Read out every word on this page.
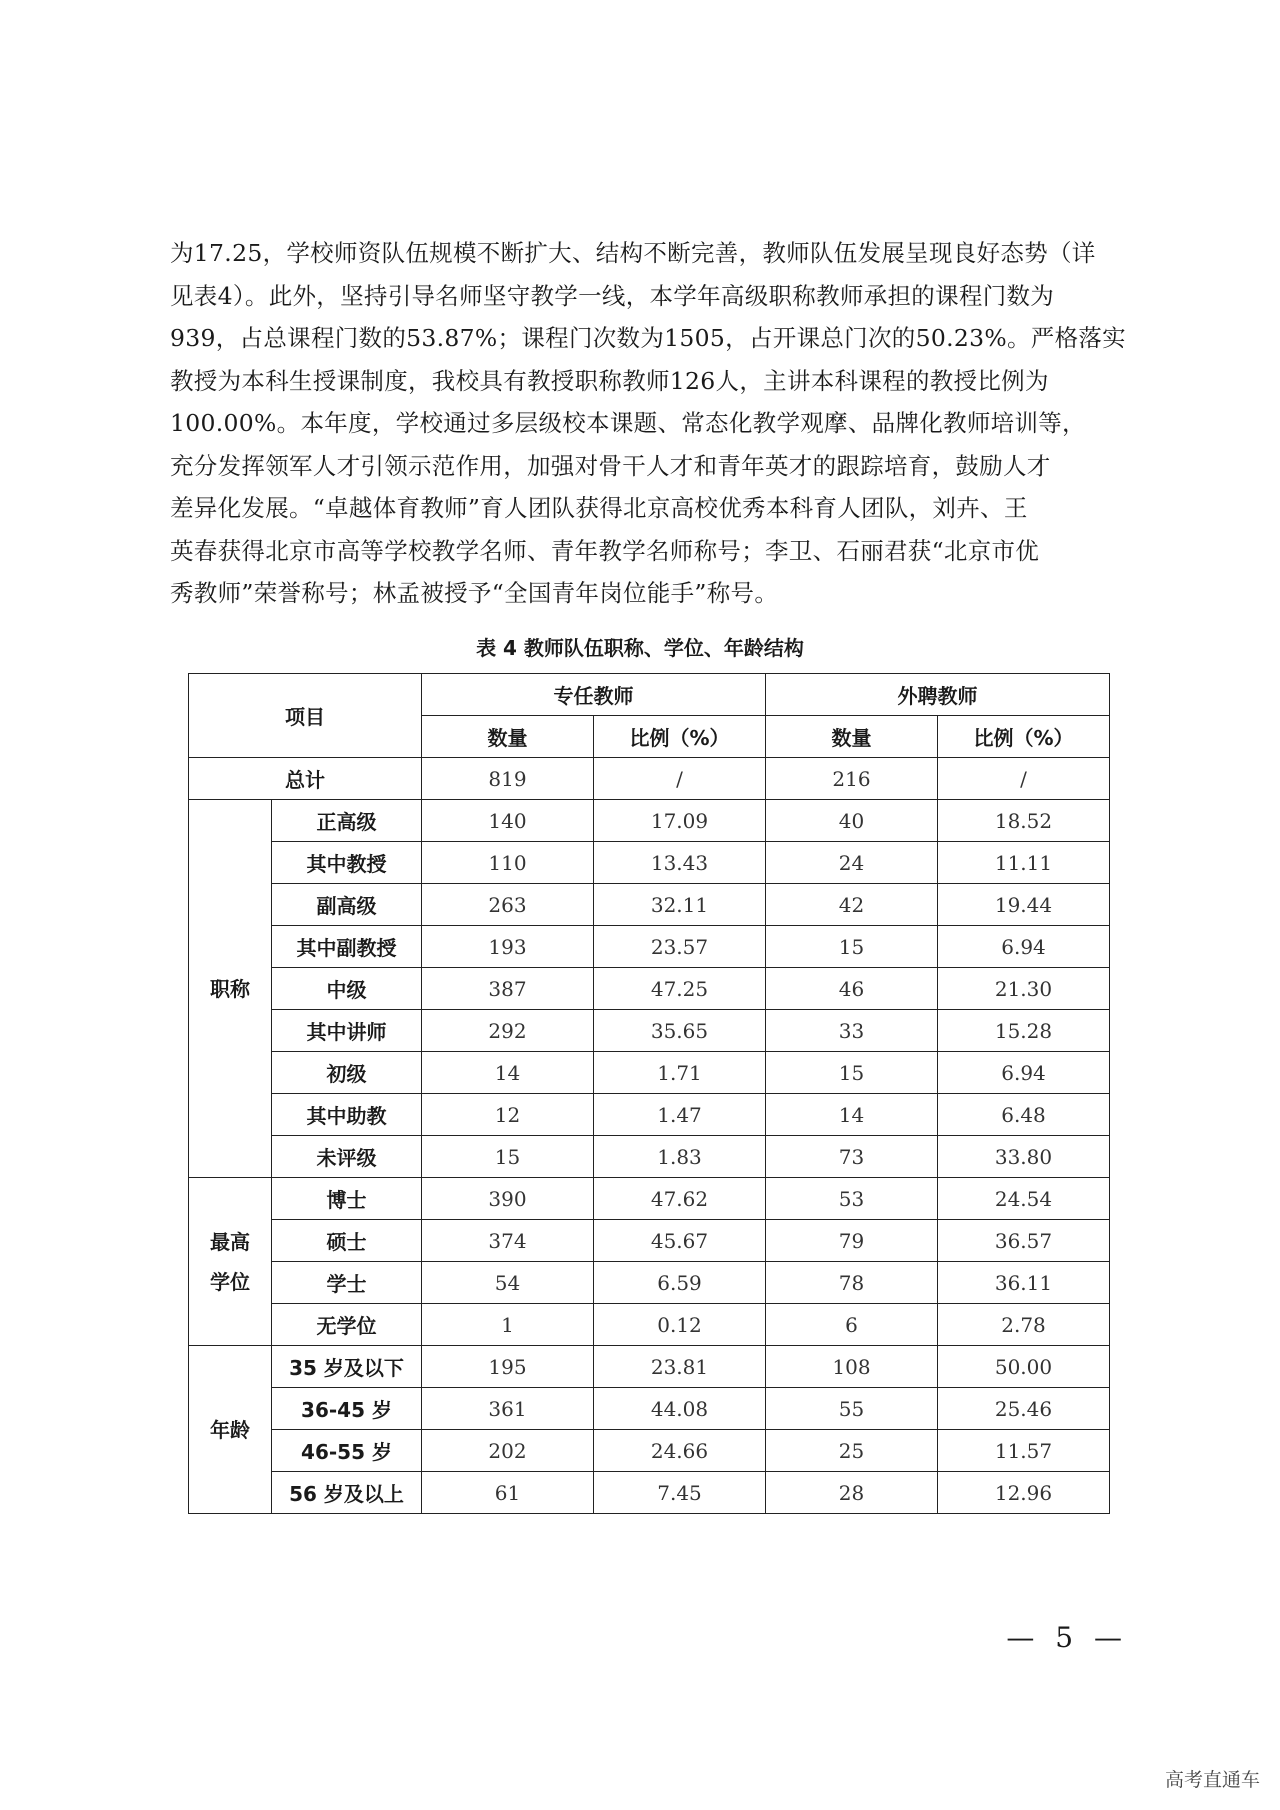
为17.25，学校师资队伍规模不断扩大、结构不断完善，教师队伍发展呈现良好态势（详
见表4）。此外，坚持引导名师坚守教学一线，本学年高级职称教师承担的课程门数为
939，占总课程门数的53.87%；课程门次数为1505，占开课总门次的50.23%。严格落实
教授为本科生授课制度，我校具有教授职称教师126人，主讲本科课程的教授比例为
100.00%。本年度，学校通过多层级校本课题、常态化教学观摩、品牌化教师培训等，
充分发挥领军人才引领示范作用，加强对骨干人才和青年英才的跟踪培育，鼓励人才
差异化发展。“卓越体育教师”育人团队获得北京高校优秀本科育人团队，刘卉、王
英春获得北京市高等学校教学名师、青年教学名师称号；李卫、石丽君获“北京市优
秀教师”荣誉称号；林孟被授予“全国青年岗位能手”称号。
表 4 教师队伍职称、学位、年龄结构
项目		专任教师		外聘教师	
		数量	比例（%）	数量	比例（%）
总计		819	/	216	/

职称	正高级	140	17.09	40	18.52
	其中教授	110	13.43	24	11.11
	副高级	263	32.11	42	19.44
	其中副教授	193	23.57	15	6.94
	中级	387	47.25	46	21.30
	其中讲师	292	35.65	33	15.28
	初级	14	1.71	15	6.94
	其中助教	12	1.47	14	6.48
	未评级	15	1.83	73	33.80

最高
学位	博士	390	47.62	53	24.54
	硕士	374	45.67	79	36.57
	学士	54	6.59	78	36.11
	无学位	1	0.12	6	2.78

年龄	35 岁及以下	195	23.81	108	50.00
	36-45 岁	361	44.08	55	25.46
	46-55 岁	202	24.66	25	11.57
	56 岁及以上	61	7.45	28	12.96
— 5 —
高考直通车
